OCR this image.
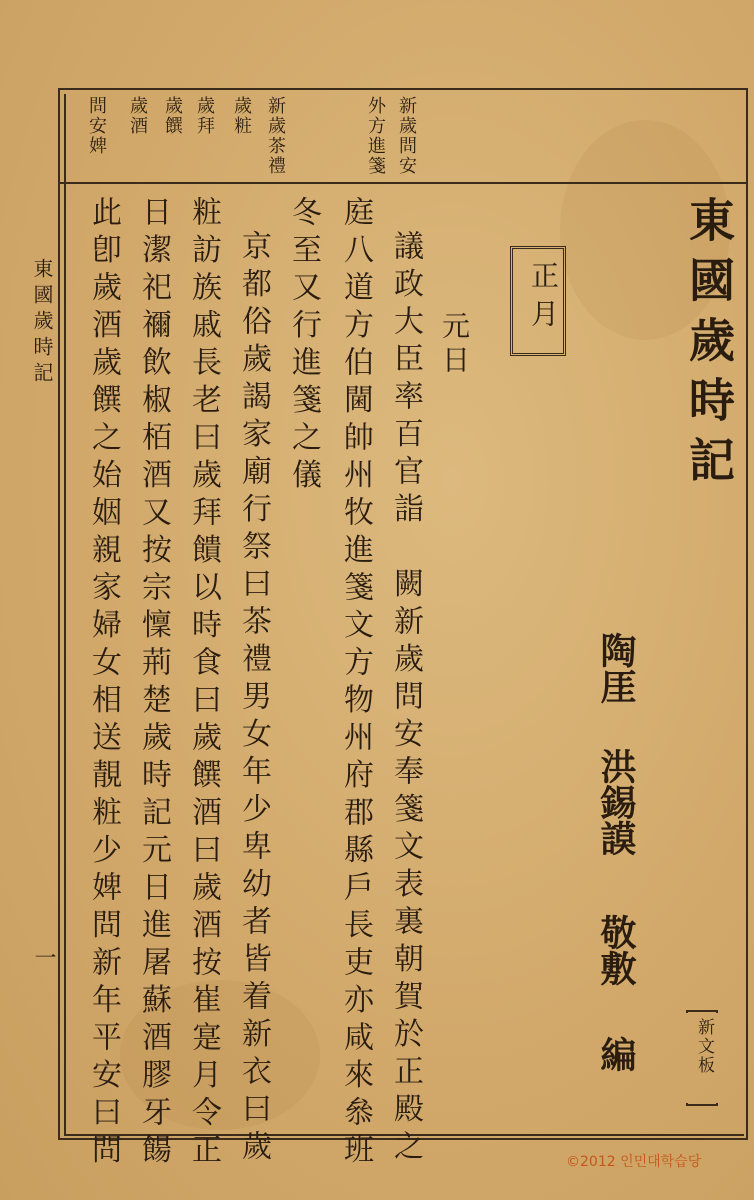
新歲問安
外方進箋
新歲茶禮
歲粧
歲拜
歲饌
歲酒
問安婢
東國歲時記
陶厓
洪錫謨
敬敷
編	新文板
正月
元日
議政大臣率百官詣　闕新歲問安奉箋文表裏朝賀於正殿之
庭八道方伯閫帥州牧進箋文方物州府郡縣戶長吏亦咸來叅班
冬至又行進箋之儀
京都俗歲謁家廟行祭曰茶禮男女年少卑幼者皆着新衣曰歲
粧訪族戚長老曰歲拜饋以時食曰歲饌酒曰歲酒按崔寔月令正
日潔祀禰飲椒栢酒又按宗懍荊楚歲時記元日進屠蘇酒膠牙餳
此卽歲酒歲饌之始姻親家婦女相送靚粧少婢問新年平安曰問
東國歲時記
一
©2012 인민대학습당
